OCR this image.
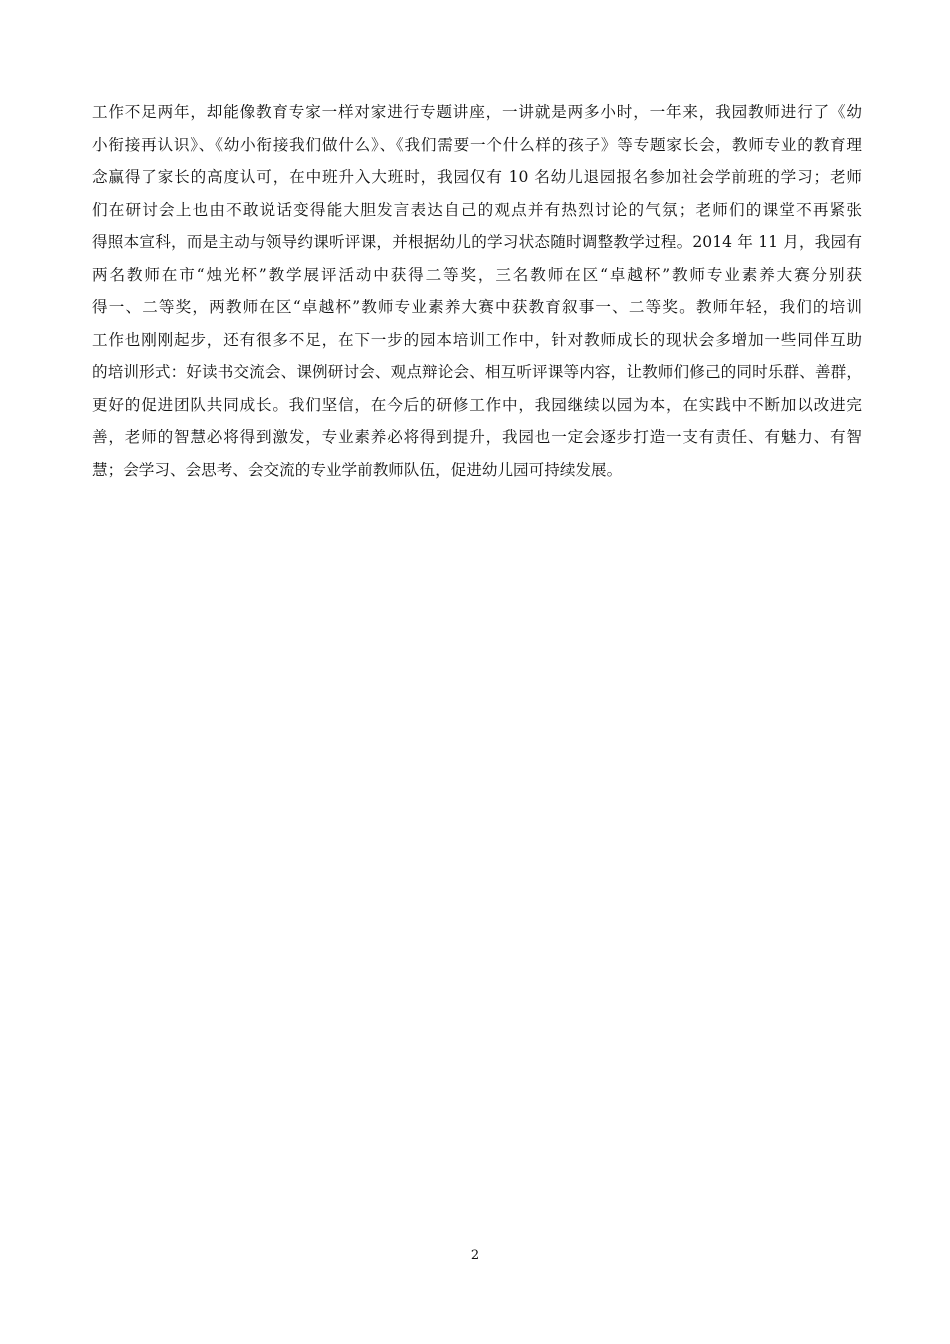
工作不足两年，却能像教育专家一样对家进行专题讲座，一讲就是两多小时，一年来，我园教师进行了《幼
小衔接再认识》、《幼小衔接我们做什么》、《我们需要一个什么样的孩子》等专题家长会，教师专业的教育理
念赢得了家长的高度认可，在中班升入大班时，我园仅有 10 名幼儿退园报名参加社会学前班的学习；老师
们在研讨会上也由不敢说话变得能大胆发言表达自己的观点并有热烈讨论的气氛；老师们的课堂不再紧张
得照本宣科，而是主动与领导约课听评课，并根据幼儿的学习状态随时调整教学过程。2014 年 11 月，我园有
两名教师在市“烛光杯”教学展评活动中获得二等奖，三名教师在区“卓越杯”教师专业素养大赛分别获
得一、二等奖，两教师在区“卓越杯”教师专业素养大赛中获教育叙事一、二等奖。教师年轻，我们的培训
工作也刚刚起步，还有很多不足，在下一步的园本培训工作中，针对教师成长的现状会多增加一些同伴互助
的培训形式：好读书交流会、课例研讨会、观点辩论会、相互听评课等内容，让教师们修己的同时乐群、善群，
更好的促进团队共同成长。我们坚信，在今后的研修工作中，我园继续以园为本，在实践中不断加以改进完
善，老师的智慧必将得到激发，专业素养必将得到提升，我园也一定会逐步打造一支有责任、有魅力、有智
慧；会学习、会思考、会交流的专业学前教师队伍，促进幼儿园可持续发展。
2
